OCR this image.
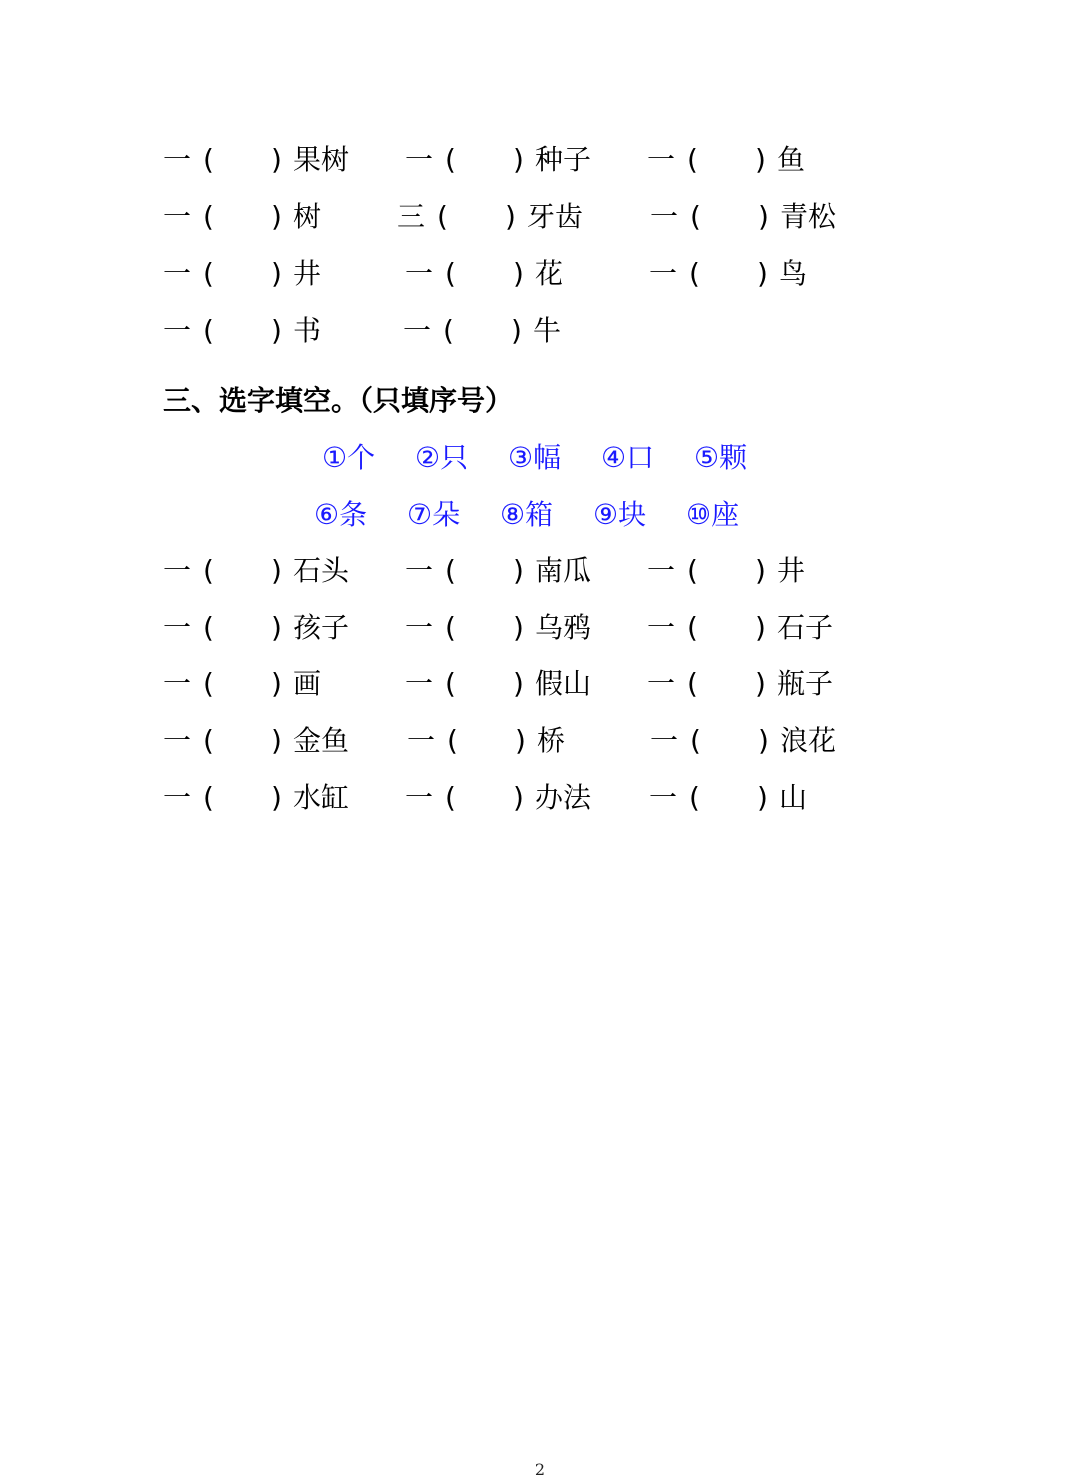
一 ( ) 果树 一 ( ) 种子 一 ( ) 鱼
一 ( ) 树	三 ( ) 牙齿 一 ( ) 青松
一 ( ) 井	一 ( ) 花	一 ( ) 鸟
一 ( ) 书	一 ( ) 牛
三、选字填空。（只填序号）
①个 ②只 ③幅 ④口 ⑤颗
⑥条 ⑦朵 ⑧箱 ⑨块 ⑩座
一 ( ) 石头 一 ( ) 南瓜 一 ( ) 井
一 ( ) 孩子 一 ( ) 乌鸦 一 ( ) 石子
一 ( ) 画	一 ( ) 假山 一 ( ) 瓶子
一 ( ) 金鱼 一 ( ) 桥	一 ( ) 浪花
一 ( ) 水缸 一 ( ) 办法 一 ( ) 山
2
